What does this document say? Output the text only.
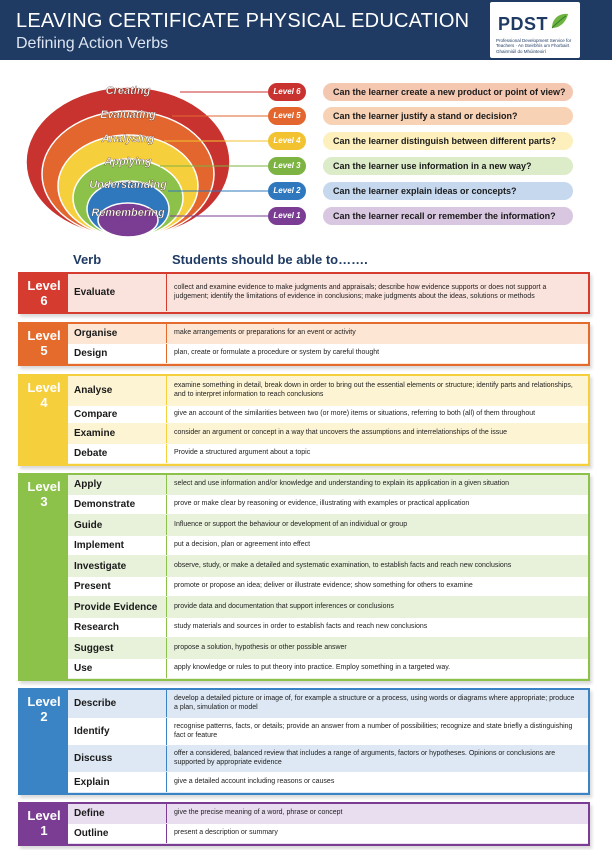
LEAVING CERTIFICATE PHYSICAL EDUCATION
Defining Action Verbs
PDST
Professional Development Service for Teachers · An tSeirbhís um Fhorbairt Ghairmiúil do Mhúinteoirí
Creating
Evaluating
Analysing
Applying
Understanding
Remembering
Level 6	Can the learner create a new product or point of view?
Level 5	Can the learner justify a stand or decision?
Level 4	Can the learner distinguish between different parts?
Level 3	Can the learner use information in a new way?
Level 2	Can the learner explain ideas or concepts?
Level 1	Can the learner recall or remember the information?
Verb	Students should be able to…….
Level
6
Evaluate	collect and examine evidence to make judgments and appraisals; describe how evidence supports or does not support a judgement; identify the limitations of evidence in conclusions; make judgments about the ideas, solutions or methods
Level
5
Organise	make arrangements or preparations for an event or activity
Design	plan, create or formulate a procedure or system by careful thought
Level
4
Analyse	examine something in detail, break down in order to bring out the essential elements or structure; identify parts and relationships, and to interpret information to reach conclusions
Compare	give an account of the similarities between two (or more) items or situations, referring to both (all) of them throughout
Examine	consider an argument or concept in a way that uncovers the assumptions and interrelationships of the issue
Debate	Provide a structured argument about a topic
Level
3
Apply	select and use information and/or knowledge and understanding to explain its application in a given situation
Demonstrate	prove or make clear by reasoning or evidence, illustrating with examples or practical application
Guide	Influence or support the behaviour or development of an individual or group
Implement	put a decision, plan or agreement into effect
Investigate	observe, study, or make a detailed and systematic examination, to establish facts and reach new conclusions
Present	promote or propose an idea; deliver or illustrate evidence; show something for others to examine
Provide Evidence	provide data and documentation that support inferences or conclusions
Research	study materials and sources in order to establish facts and reach new conclusions
Suggest	propose a solution, hypothesis or other possible answer
Use	apply knowledge or rules to put theory into practice. Employ something in a targeted way.
Level
2
Describe	develop a detailed picture or image of, for example a structure or a process, using words or diagrams where appropriate; produce a plan, simulation or model
Identify	recognise patterns, facts, or details; provide an answer from a number of possibilities; recognize and state briefly a distinguishing fact or feature
Discuss	offer a considered, balanced review that includes a range of arguments, factors or hypotheses. Opinions or conclusions are supported by appropriate evidence
Explain	give a detailed account including reasons or causes
Level
1
Define	give the precise meaning of a word, phrase or concept
Outline	present a description or summary
